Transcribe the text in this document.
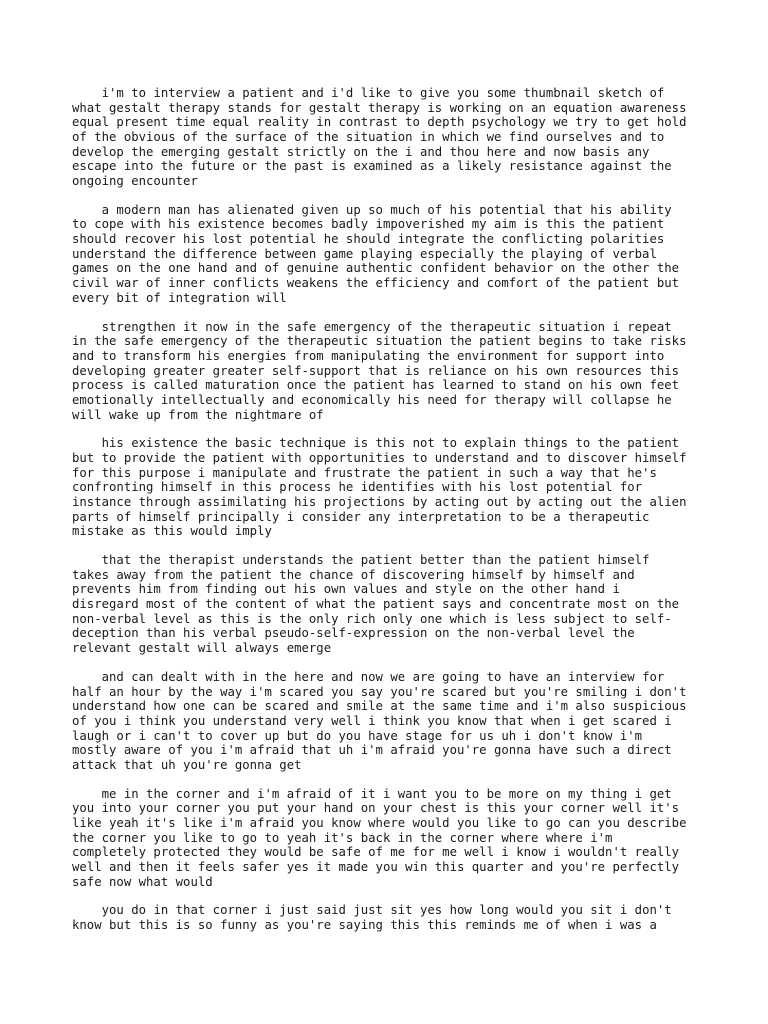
i'm to interview a patient and i'd like to give you some thumbnail sketch of
what gestalt therapy stands for gestalt therapy is working on an equation awareness
equal present time equal reality in contrast to depth psychology we try to get hold
of the obvious of the surface of the situation in which we find ourselves and to
develop the emerging gestalt strictly on the i and thou here and now basis any
escape into the future or the past is examined as a likely resistance against the
ongoing encounter

a modern man has alienated given up so much of his potential that his ability
to cope with his existence becomes badly impoverished my aim is this the patient
should recover his lost potential he should integrate the conflicting polarities
understand the difference between game playing especially the playing of verbal
games on the one hand and of genuine authentic confident behavior on the other the
civil war of inner conflicts weakens the efficiency and comfort of the patient but
every bit of integration will

strengthen it now in the safe emergency of the therapeutic situation i repeat
in the safe emergency of the therapeutic situation the patient begins to take risks
and to transform his energies from manipulating the environment for support into
developing greater greater self-support that is reliance on his own resources this
process is called maturation once the patient has learned to stand on his own feet
emotionally intellectually and economically his need for therapy will collapse he
will wake up from the nightmare of

his existence the basic technique is this not to explain things to the patient
but to provide the patient with opportunities to understand and to discover himself
for this purpose i manipulate and frustrate the patient in such a way that he's
confronting himself in this process he identifies with his lost potential for
instance through assimilating his projections by acting out by acting out the alien
parts of himself principally i consider any interpretation to be a therapeutic
mistake as this would imply

that the therapist understands the patient better than the patient himself
takes away from the patient the chance of discovering himself by himself and
prevents him from finding out his own values and style on the other hand i
disregard most of the content of what the patient says and concentrate most on the
non-verbal level as this is the only rich only one which is less subject to self-
deception than his verbal pseudo-self-expression on the non-verbal level the
relevant gestalt will always emerge

and can dealt with in the here and now we are going to have an interview for
half an hour by the way i'm scared you say you're scared but you're smiling i don't
understand how one can be scared and smile at the same time and i'm also suspicious
of you i think you understand very well i think you know that when i get scared i
laugh or i can't to cover up but do you have stage for us uh i don't know i'm
mostly aware of you i'm afraid that uh i'm afraid you're gonna have such a direct
attack that uh you're gonna get

me in the corner and i'm afraid of it i want you to be more on my thing i get
you into your corner you put your hand on your chest is this your corner well it's
like yeah it's like i'm afraid you know where would you like to go can you describe
the corner you like to go to yeah it's back in the corner where where i'm
completely protected they would be safe of me for me well i know i wouldn't really
well and then it feels safer yes it made you win this quarter and you're perfectly
safe now what would

you do in that corner i just said just sit yes how long would you sit i don't
know but this is so funny as you're saying this this reminds me of when i was a
